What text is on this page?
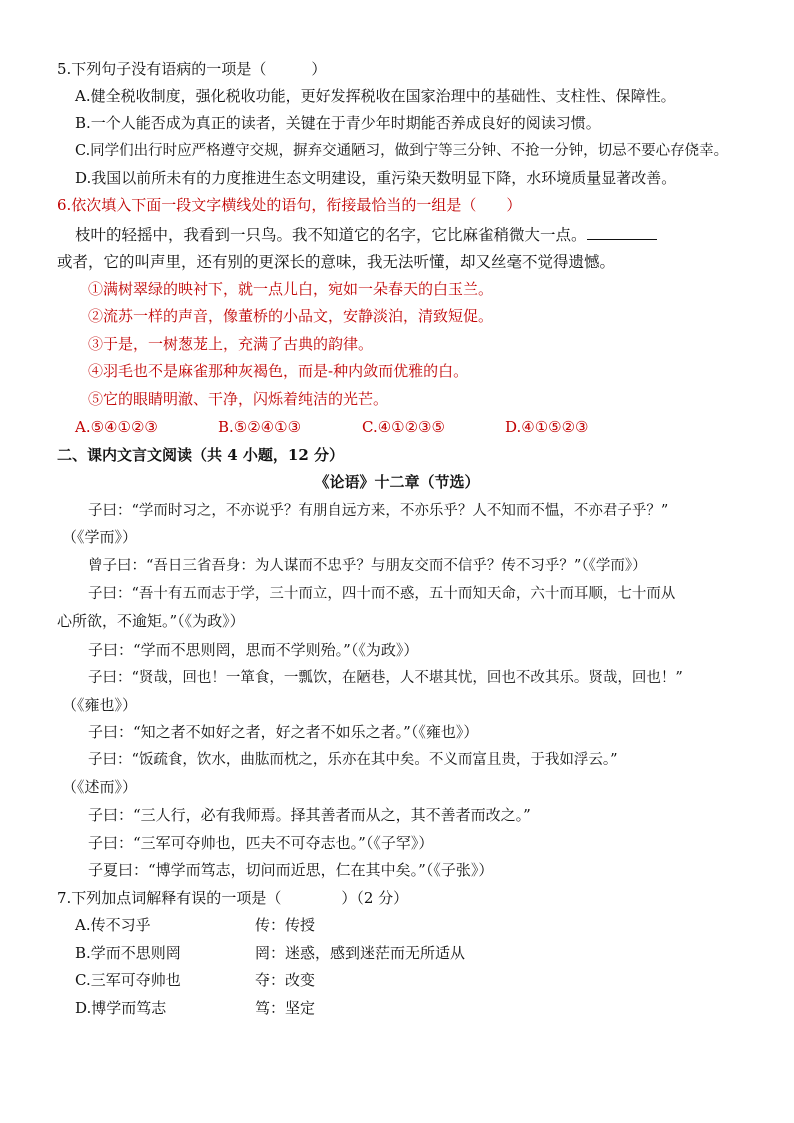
5.下列句子没有语病的一项是（　　　）
A.健全税收制度，强化税收功能，更好发挥税收在国家治理中的基础性、支柱性、保障性。
B.一个人能否成为真正的读者，关键在于青少年时期能否养成良好的阅读习惯。
C.同学们出行时应严格遵守交规，摒弃交通陋习，做到宁等三分钟、不抢一分钟，切忌不要心存侥幸。
D.我国以前所未有的力度推进生态文明建设，重污染天数明显下降，水环境质量显著改善。
6.依次填入下面一段文字横线处的语句，衔接最恰当的一组是（　　）
枝叶的轻摇中，我看到一只鸟。我不知道它的名字，它比麻雀稍微大一点。
或者，它的叫声里，还有别的更深长的意味，我无法听懂，却又丝毫不觉得遗憾。
①满树翠绿的映衬下，就一点儿白，宛如一朵春天的白玉兰。
②流苏一样的声音，像董桥的小品文，安静淡泊，清致短促。
③于是，一树葱茏上，充满了古典的韵律。
④羽毛也不是麻雀那种灰褐色，而是-种内敛而优雅的白。
⑤它的眼睛明澈、干净，闪烁着纯洁的光芒。
A.⑤④①②③	B.⑤②④①③	C.④①②③⑤	D.④①⑤②③
二、课内文言文阅读（共 4 小题，12 分）
《论语》十二章（节选）
子曰：“学而时习之，不亦说乎？有朋自远方来，不亦乐乎？人不知而不愠，不亦君子乎？”
（《学而》）
曾子曰：“吾日三省吾身：为人谋而不忠乎？与朋友交而不信乎？传不习乎？”（《学而》）
子曰：“吾十有五而志于学，三十而立，四十而不惑，五十而知天命，六十而耳顺，七十而从
心所欲，不逾矩。”（《为政》）
子曰：“学而不思则罔，思而不学则殆。”（《为政》）
子曰：“贤哉，回也！一箪食，一瓢饮，在陋巷，人不堪其忧，回也不改其乐。贤哉，回也！”
（《雍也》）
子曰：“知之者不如好之者，好之者不如乐之者。”（《雍也》）
子曰：“饭疏食，饮水，曲肱而枕之，乐亦在其中矣。不义而富且贵，于我如浮云。”
（《述而》）
子曰：“三人行，必有我师焉。择其善者而从之，其不善者而改之。”
子曰：“三军可夺帅也，匹夫不可夺志也。”（《子罕》）
子夏曰：“博学而笃志，切问而近思，仁在其中矣。”（《子张》）
7.下列加点词解释有误的一项是（　　　　）（2 分）
A.传不习乎	传：传授
B.学而不思则罔	罔：迷惑，感到迷茫而无所适从
C.三军可夺帅也	夺：改变
D.博学而笃志	笃：坚定
